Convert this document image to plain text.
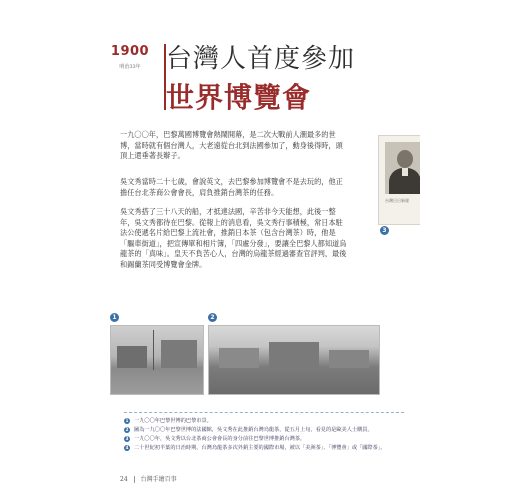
1900
明治33年 台灣人首度參加
世界博覽會

一九〇〇年，巴黎萬國博覽會熱鬧開幕，是二次大戰前人潮最多的世博，當時就有個台灣人，大老遠從台北到法國參加了，動身後得時，頭頂上還垂著長辮子。

吳文秀當時二十七歲，會說英文，去巴黎參加博覽會不是去玩的，他正擔任台北茶商公會會長，肩負推銷台灣茶的任務。

吳文秀搭了三十八天的船，才抵達法國，辛苦非今天能想，此後一整年，吳文秀都待在巴黎。從報上的消息看，吳文秀行事積極，常日本駐法公使遞名片給巴黎上流社會，推銷日本茶（包含台灣茶）時，他是「驅車街道」，把宣傳單和相片簿，「四處分發」，要讓全巴黎人都知道烏龍茶的「真味」。皇天不負苦心人，台灣的烏龍茶經過審查官評判，最後和錫蘭茶同受博覽會金牌。

吳文秀攝於台北茶商公會會長任內
台灣日日新報
3
1	2
1	一九〇〇年巴黎世博的巴黎市景。
2	圖為一九〇〇年巴黎世博的法國館，吳文秀在此推銷台灣烏龍茶，從五月上旬，看見的是歐美人士購買。
3	一九〇〇年，吳文秀以台北茶商公會會長的身分前往巴黎世博推銷台灣茶。
4	二十世紀初半葉的日治時期，台灣烏龍茶多次外銷主要的國際市場，被以「美洲茶」、「博覽會」或「國際茶」。
24 台灣手繪百事
